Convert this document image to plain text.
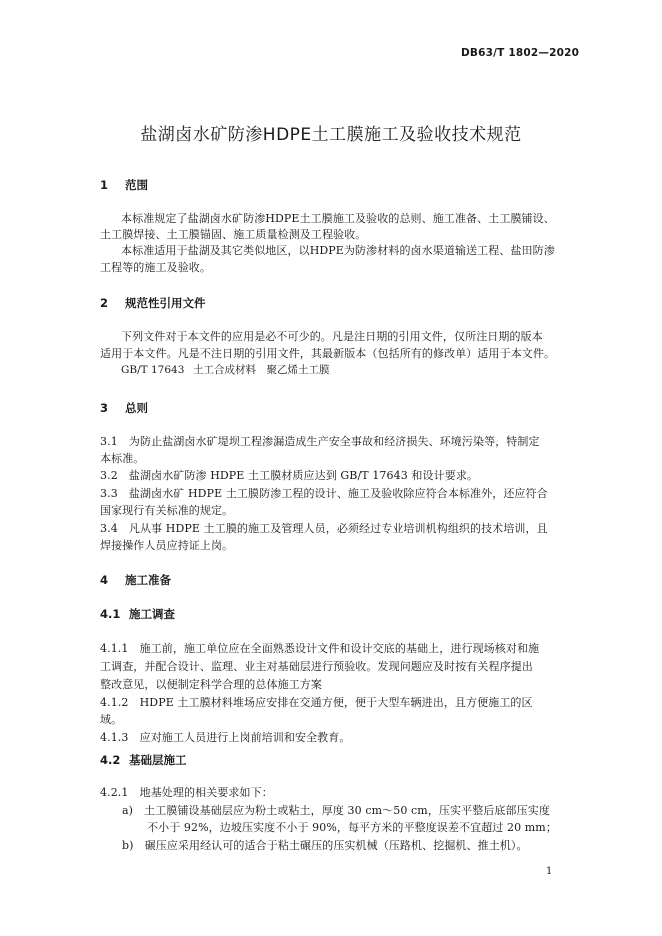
DB63/T 1802—2020
盐湖卤水矿防渗HDPE土工膜施工及验收技术规范
1 范围
本标准规定了盐湖卤水矿防渗HDPE土工膜施工及验收的总则、施工准备、土工膜铺设、
土工膜焊接、土工膜锚固、施工质量检测及工程验收。
本标准适用于盐湖及其它类似地区，以HDPE为防渗材料的卤水渠道输送工程、盐田防渗
工程等的施工及验收。
2 规范性引用文件
下列文件对于本文件的应用是必不可少的。凡是注日期的引用文件，仅所注日期的版本
适用于本文件。凡是不注日期的引用文件，其最新版本（包括所有的修改单）适用于本文件。
GB/T 17643 土工合成材料　聚乙烯土工膜
3 总则
3.1　为防止盐湖卤水矿堤坝工程渗漏造成生产安全事故和经济损失、环境污染等，特制定
本标准。
3.2　盐湖卤水矿防渗 HDPE 土工膜材质应达到 GB/T 17643 和设计要求。
3.3　盐湖卤水矿 HDPE 土工膜防渗工程的设计、施工及验收除应符合本标准外，还应符合
国家现行有关标准的规定。
3.4　凡从事 HDPE 土工膜的施工及管理人员，必须经过专业培训机构组织的技术培训，且
焊接操作人员应持证上岗。
4 施工准备
4.1 施工调查
4.1.1　施工前，施工单位应在全面熟悉设计文件和设计交底的基础上，进行现场核对和施
工调查，并配合设计、监理、业主对基础层进行预验收。发现问题应及时按有关程序提出
整改意见，以便制定科学合理的总体施工方案
4.1.2　HDPE 土工膜材料堆场应安排在交通方便，便于大型车辆进出，且方便施工的区
域。
4.1.3　应对施工人员进行上岗前培训和安全教育。
4.2 基础层施工
4.2.1　地基处理的相关要求如下：
a)　土工膜铺设基础层应为粉土或粘土，厚度 30 cm～50 cm，压实平整后底部压实度
不小于 92%，边坡压实度不小于 90%，每平方米的平整度误差不宜超过 20 mm；
b)　碾压应采用经认可的适合于粘土碾压的压实机械（压路机、挖掘机、推土机）。
1
